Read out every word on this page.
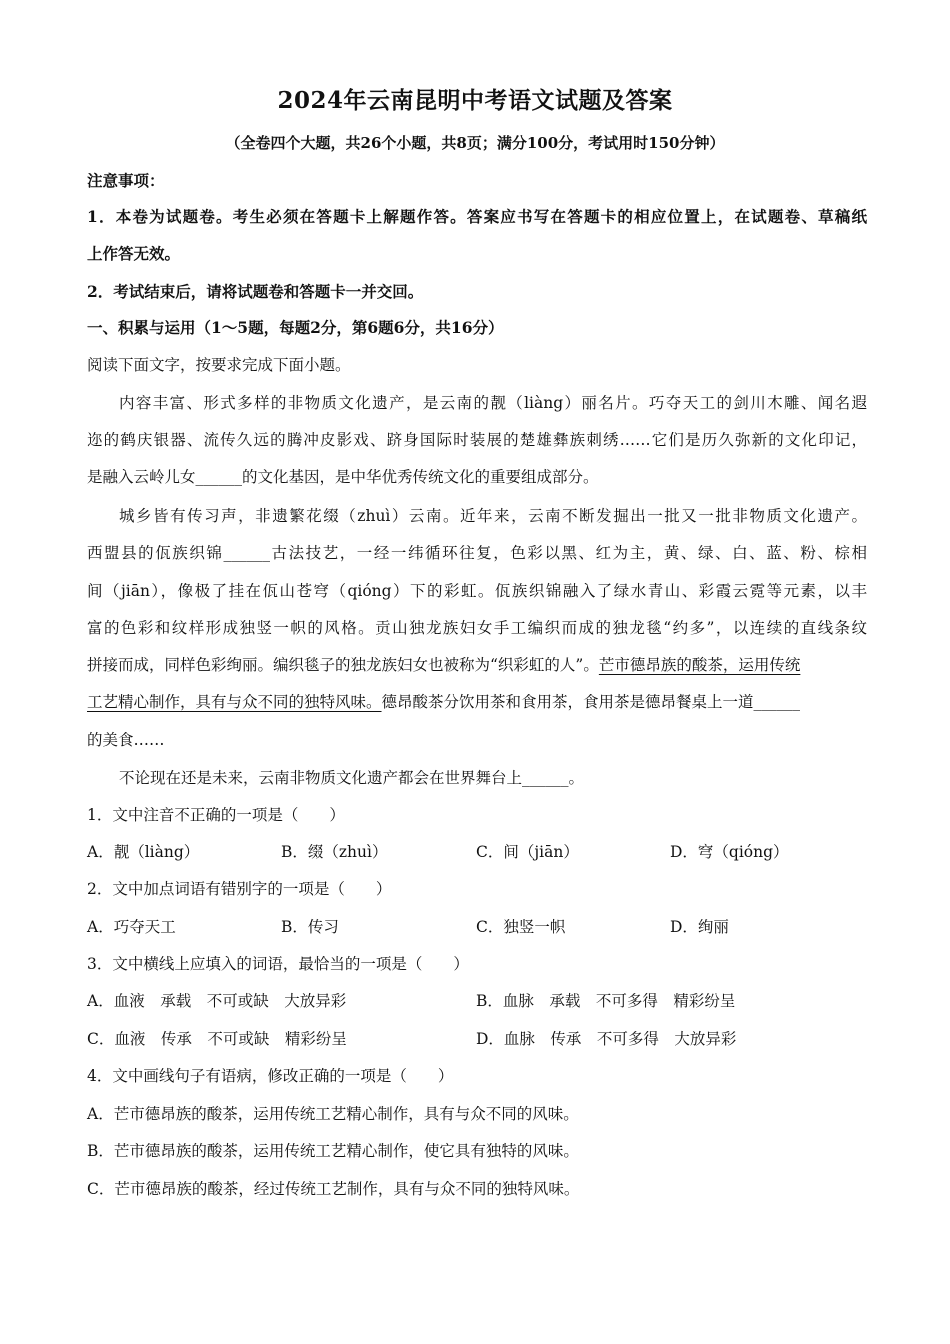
2024年云南昆明中考语文试题及答案
（全卷四个大题，共26个小题，共8页；满分100分，考试用时150分钟）
注意事项：
1．本卷为试题卷。考生必须在答题卡上解题作答。答案应书写在答题卡的相应位置上，在试题卷、草稿纸
上作答无效。
2．考试结束后，请将试题卷和答题卡一并交回。
一、积累与运用（1～5题，每题2分，第6题6分，共16分）
阅读下面文字，按要求完成下面小题。
内容丰富、形式多样的非物质文化遗产，是云南的靓（liàng）丽名片。巧夺天工的剑川木雕、闻名遐
迩的鹤庆银器、流传久远的腾冲皮影戏、跻身国际时装展的楚雄彝族刺绣……它们是历久弥新的文化印记，
是融入云岭儿女______的文化基因，是中华优秀传统文化的重要组成部分。
城乡皆有传习声，非遗繁花缀（zhuì）云南。近年来，云南不断发掘出一批又一批非物质文化遗产。
西盟县的佤族织锦______古法技艺，一经一纬循环往复，色彩以黑、红为主，黄、绿、白、蓝、粉、棕相
间（jiān），像极了挂在佤山苍穹（qióng）下的彩虹。佤族织锦融入了绿水青山、彩霞云霓等元素，以丰
富的色彩和纹样形成独竖一帜的风格。贡山独龙族妇女手工编织而成的独龙毯“约多”，以连续的直线条纹
拼接而成，同样色彩绚丽。编织毯子的独龙族妇女也被称为“织彩虹的人”。芒市德昂族的酸茶，运用传统
工艺精心制作，具有与众不同的独特风味。德昂酸茶分饮用茶和食用茶，食用茶是德昂餐桌上一道______
的美食……
不论现在还是未来，云南非物质文化遗产都会在世界舞台上______。
1．文中注音不正确的一项是（　　）
A．靓（liàng）	B．缀（zhuì）	C．间（jiān）	D．穹（qióng）
2．文中加点词语有错别字的一项是（　　）
A．巧夺天工	B．传习	C．独竖一帜	D．绚丽
3．文中横线上应填入的词语，最恰当的一项是（　　）
A．血液　承载　不可或缺　大放异彩	B．血脉　承载　不可多得　精彩纷呈
C．血液　传承　不可或缺　精彩纷呈	D．血脉　传承　不可多得　大放异彩
4．文中画线句子有语病，修改正确的一项是（　　）
A．芒市德昂族的酸茶，运用传统工艺精心制作，具有与众不同的风味。
B．芒市德昂族的酸茶，运用传统工艺精心制作，使它具有独特的风味。
C．芒市德昂族的酸茶，经过传统工艺制作，具有与众不同的独特风味。
